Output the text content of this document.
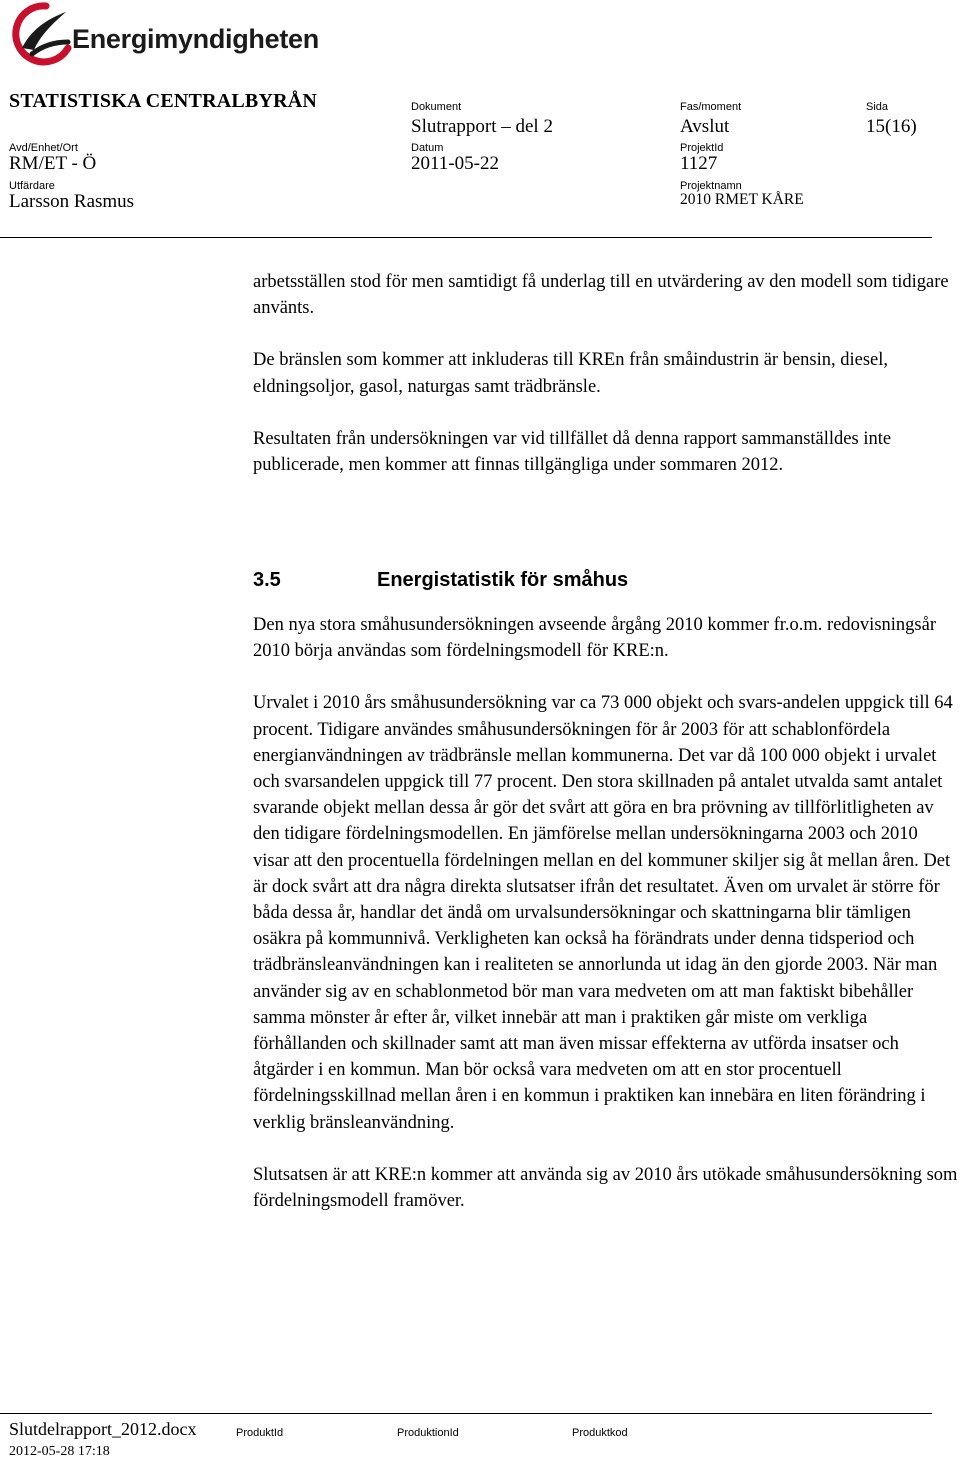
Energimyndigheten
STATISTISKA CENTRALBYRÅN
Avd/Enhet/Ort
RM/ET - Ö
Utfärdare
Larsson Rasmus
Dokument
Slutrapport – del 2
Datum
2011-05-22
Fas/moment
Avslut
ProjektId
1127
Projektnamn
2010 RMET KÅRE
Sida
15(16)

arbetsställen stod för men samtidigt få underlag till en utvärdering av den modell som tidigare använts.

De bränslen som kommer att inkluderas till KREn från småindustrin är bensin, diesel, eldningsoljor, gasol, naturgas samt trädbränsle.

Resultaten från undersökningen var vid tillfället då denna rapport sammanställdes inte publicerade, men kommer att finnas tillgängliga under sommaren 2012.

3.5	Energistatistik för småhus

Den nya stora småhusundersökningen avseende årgång 2010 kommer fr.o.m. redovisningsår 2010 börja användas som fördelningsmodell för KRE:n.

Urvalet i 2010 års småhusundersökning var ca 73 000 objekt och svars-andelen uppgick till 64 procent. Tidigare användes småhusundersökningen för år 2003 för att schablonfördela energianvändningen av trädbränsle mellan kommunerna. Det var då 100 000 objekt i urvalet och svarsandelen uppgick till 77 procent. Den stora skillnaden på antalet utvalda samt antalet svarande objekt mellan dessa år gör det svårt att göra en bra prövning av tillförlitligheten av den tidigare fördelningsmodellen. En jämförelse mellan undersökningarna 2003 och 2010 visar att den procentuella fördelningen mellan en del kommuner skiljer sig åt mellan åren. Det är dock svårt att dra några direkta slutsatser ifrån det resultatet. Även om urvalet är större för båda dessa år, handlar det ändå om urvalsundersökningar och skattningarna blir tämligen osäkra på kommunnivå. Verkligheten kan också ha förändrats under denna tidsperiod och trädbränsleanvändningen kan i realiteten se annorlunda ut idag än den gjorde 2003. När man använder sig av en schablonmetod bör man vara medveten om att man faktiskt bibehåller samma mönster år efter år, vilket innebär att man i praktiken går miste om verkliga förhållanden och skillnader samt att man även missar effekterna av utförda insatser och åtgärder i en kommun. Man bör också vara medveten om att en stor procentuell fördelningsskillnad mellan åren i en kommun i praktiken kan innebära en liten förändring i verklig bränsleanvändning.

Slutsatsen är att KRE:n kommer att använda sig av 2010 års utökade småhusundersökning som fördelningsmodell framöver.

Slutdelrapport_2012.docx
2012-05-28 17:18
ProduktId	ProduktionId	Produktkod
